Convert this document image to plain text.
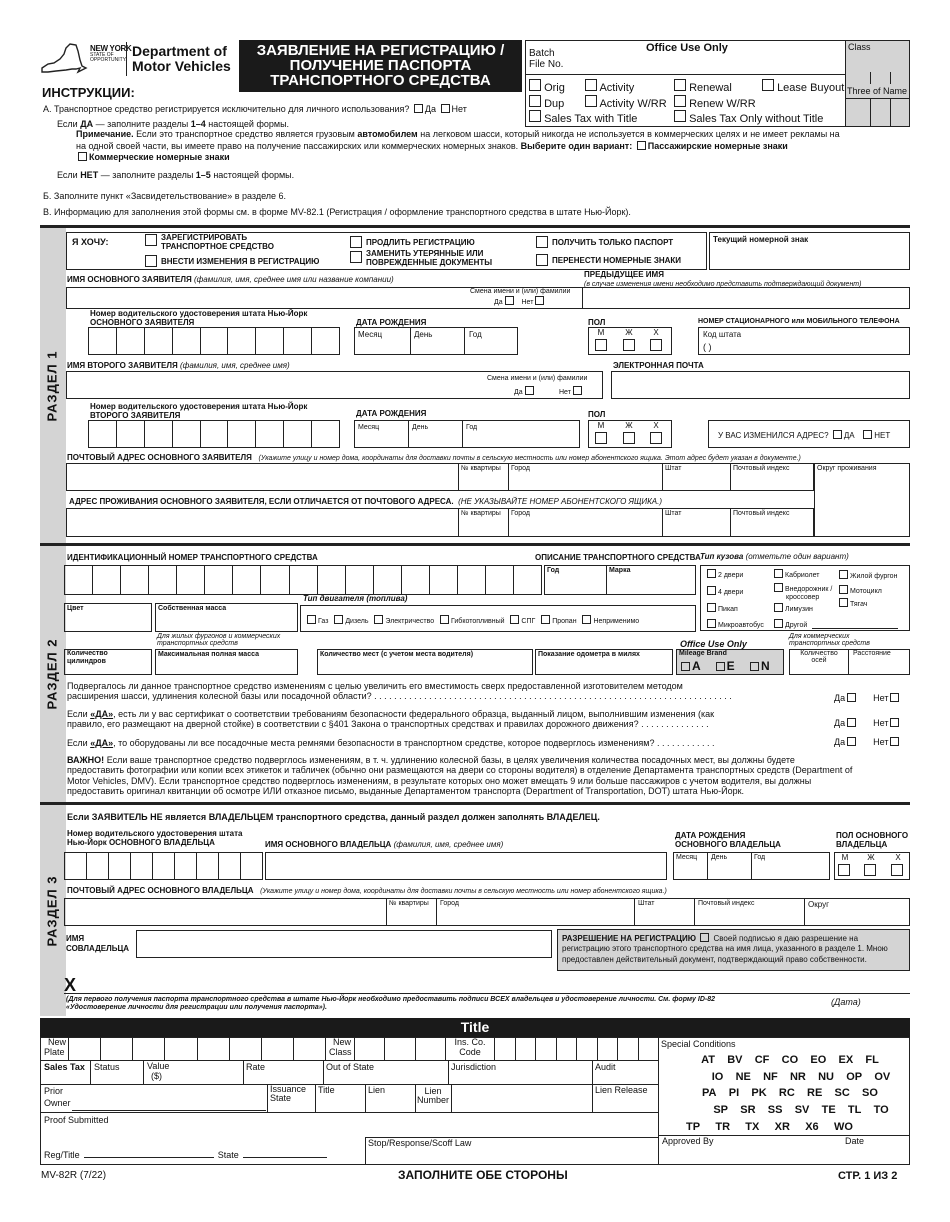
NEW YORK
STATE OF
OPPORTUNITY.
Department of
Motor Vehicles
ЗАЯВЛЕНИЕ НА РЕГИСТРАЦИЮ /
ПОЛУЧЕНИЕ ПАСПОРТА
ТРАНСПОРТНОГО СРЕДСТВА
Office Use Only
Batch
File No.
Class
Three of Name
Orig	Activity	Renewal	Lease Buyout
Dup	Activity W/RR	Renew W/RR
Sales Tax with Title	Sales Tax Only without Title
ИНСТРУКЦИИ:
А. Транспортное средство регистрируется исключительно для личного использования? Да Нет
Если ДА — заполните разделы 1–4 настоящей формы.
Примечание. Если это транспортное средство является грузовым автомобилем на легковом шасси, который никогда не используется в коммерческих целях и не имеет рекламы на
на одной своей части, вы имеете право на получение пассажирских или коммерческих номерных знаков. Выберите один вариант: Пассажирские номерные знаки
Коммерческие номерные знаки
Если НЕТ — заполните разделы 1–5 настоящей формы.
Б. Заполните пункт «Засвидетельствование» в разделе 6.
В. Информацию для заполнения этой формы см. в форме MV-82.1 (Регистрация / оформление транспортного средства в штате Нью-Йорк).
РАЗДЕЛ 1
Я ХОЧУ:	ЗАРЕГИСТРИРОВАТЬ
ТРАНСПОРТНОЕ СРЕДСТВО
ВНЕСТИ ИЗМЕНЕНИЯ В РЕГИСТРАЦИЮ
ПРОДЛИТЬ РЕГИСТРАЦИЮ
ЗАМЕНИТЬ УТЕРЯННЫЕ ИЛИ
ПОВРЕЖДЕННЫЕ ДОКУМЕНТЫ
ПОЛУЧИТЬ ТОЛЬКО ПАСПОРТ
ПЕРЕНЕСТИ НОМЕРНЫЕ ЗНАКИ
Текущий номерной знак
ИМЯ ОСНОВНОГО ЗАЯВИТЕЛЯ (фамилия, имя, среднее имя или название компании)
Смена имени и (или) фамилии
Да	Нет
ПРЕДЫДУЩЕЕ ИМЯ
(в случае изменения имени необходимо представить подтверждающий документ)
Номер водительского удостоверения штата Нью-Йорк
ОСНОВНОГО ЗАЯВИТЕЛЯ	ДАТА РОЖДЕНИЯ
Месяц	День	Год
ПОЛ
М	Ж	Х
НОМЕР СТАЦИОНАРНОГО или МОБИЛЬНОГО ТЕЛЕФОНА
Код штата
( )
ИМЯ ВТОРОГО ЗАЯВИТЕЛЯ (фамилия, имя, среднее имя)
Смена имени и (или) фамилии
Да	Нет
ЭЛЕКТРОННАЯ ПОЧТА
Номер водительского удостоверения штата Нью-Йорк
ВТОРОГО ЗАЯВИТЕЛЯ	ДАТА РОЖДЕНИЯ
Месяц	День	Год
ПОЛ
М	Ж	Х
У ВАС ИЗМЕНИЛСЯ АДРЕС? ДА НЕТ
ПОЧТОВЫЙ АДРЕС ОСНОВНОГО ЗАЯВИТЕЛЯ (Укажите улицу и номер дома, координаты для доставки почты в сельскую местность или номер абонентского ящика. Этот адрес будет указан в документе.)
№ квартиры Город	Штат	Почтовый индекс	Округ проживания
АДРЕС ПРОЖИВАНИЯ ОСНОВНОГО ЗАЯВИТЕЛЯ, ЕСЛИ ОТЛИЧАЕТСЯ ОТ ПОЧТОВОГО АДРЕСА. (НЕ УКАЗЫВАЙТЕ НОМЕР АБОНЕНТСКОГО ЯЩИКА.)
№ квартиры Город	Штат	Почтовый индекс
РАЗДЕЛ 2
ИДЕНТИФИКАЦИОННЫЙ НОМЕР ТРАНСПОРТНОГО СРЕДСТВА	ОПИСАНИЕ ТРАНСПОРТНОГО СРЕДСТВА
Год	Марка
Тип кузова (отметьте один вариант)
2 двери
4 двери
Пикап
Микроавтобус
Кабриолет
Внедорожник /
кроссовер
Лимузин
Другой
Жилой фургон
Мотоцикл
Тягач
Цвет	Собственная масса
Тип двигателя (топлива)
Газ Дизель Электричество Гибкотопливный СПГ Пропан Неприменимо
Для жилых фургонов и коммерческих
транспортных средств	Office Use Only
Для коммерческих
транспортных средств
Количество
цилиндров
Максимальная полная масса	Количество мест (с учетом места водителя)	Показание одометра в милях	Mileage Brand
A E N
Количество
осей
Расстояние
Подвергалось ли данное транспортное средство изменениям с целью увеличить его вместимость сверх предоставленной изготовителем методом
расширения шасси, удлинения колесной базы или посадочной области? . . . . . . . . . . . . . . . . . . . . . . . . . . . . . . . . . . . . . . . . . . . . . . . . . . . . . . . . . . . . . . . . . . . . . . . .	Да	Нет
Если «ДА», есть ли у вас сертификат о соответствии требованиям безопасности федерального образца, выданный лицом, выполнившим изменения (как
правило, его размещают на дверной стойке) в соответствии с §401 Закона о транспортных средствах и правилах дорожного движения? . . . . . . . . . . . . . .	Да	Нет
Если «ДА», то оборудованы ли все посадочные места ремнями безопасности в транспортном средстве, которое подверглось изменениям? . . . . . . . . . . . .	Да	Нет
ВАЖНО! Если ваше транспортное средство подверглось изменениям, в т. ч. удлинению колесной базы, в целях увеличения количества посадочных мест, вы должны будете
предоставить фотографии или копии всех этикеток и табличек (обычно они размещаются на двери со стороны водителя) в отделение Департамента транспортных средств (Department of
Motor Vehicles, DMV). Если транспортное средство подверглось изменениям, в результате которых оно может вмещать 9 или больше пассажиров с учетом водителя, вы должны
предоставить оригинал квитанции об осмотре ИЛИ отказное письмо, выданные Департаментом транспорта (Department of Transportation, DOT) штата Нью-Йорк.
РАЗДЕЛ 3
Если ЗАЯВИТЕЛЬ НЕ является ВЛАДЕЛЬЦЕМ транспортного средства, данный раздел должен заполнять ВЛАДЕЛЕЦ.
Номер водительского удостоверения штата
Нью-Йорк ОСНОВНОГО ВЛАДЕЛЬЦА	ИМЯ ОСНОВНОГО ВЛАДЕЛЬЦА (фамилия, имя, среднее имя)
ДАТА РОЖДЕНИЯ
ОСНОВНОГО ВЛАДЕЛЬЦА
Месяц День	Год
ПОЛ ОСНОВНОГО
ВЛАДЕЛЬЦА
М	Ж	X
ПОЧТОВЫЙ АДРЕС ОСНОВНОГО ВЛАДЕЛЬЦА (Укажите улицу и номер дома, координаты для доставки почты в сельскую местность или номер абонентского ящика.)
№ квартиры Город	Штат	Почтовый индекс	Округ
ИМЯ
СОВЛАДЕЛЬЦА
РАЗРЕШЕНИЕ НА РЕГИСТРАЦИЮ Своей подписью я даю разрешение на
регистрацию этого транспортного средства на имя лица, указанного в разделе 1. Мною
предоставлен действительный документ, подтверждающий право собственности.
X
(Для первого получения паспорта транспортного средства в штате Нью-Йорк необходимо предоставить подписи ВСЕХ владельцев и удостоверение личности. См. форму ID-82
«Удостоверение личности для регистрации или получения паспорта»).
(Дата)
Title
Special Conditions
AT BV CF CO EO EX FL
IO NE NF NR NU OP OV
PA PI PK RC RE SC SO
SP SR SS SV TE TL TO
TP TR TX XR X6 WO
Approved By	Date
New
Plate
New
Class
Ins. Co.
Code
Sales Tax Status	Value
($)
Rate	Out of State	Jurisdiction	Audit
Prior
Owner
Issuance
State
Title	Lien	Lien
Number
Lien Release
Proof Submitted
Stop/Response/Scoff Law
Reg/Title	State
MV-82R (7/22)	ЗАПОЛНИТЕ ОБЕ СТОРОНЫ	СТР. 1 ИЗ 2
